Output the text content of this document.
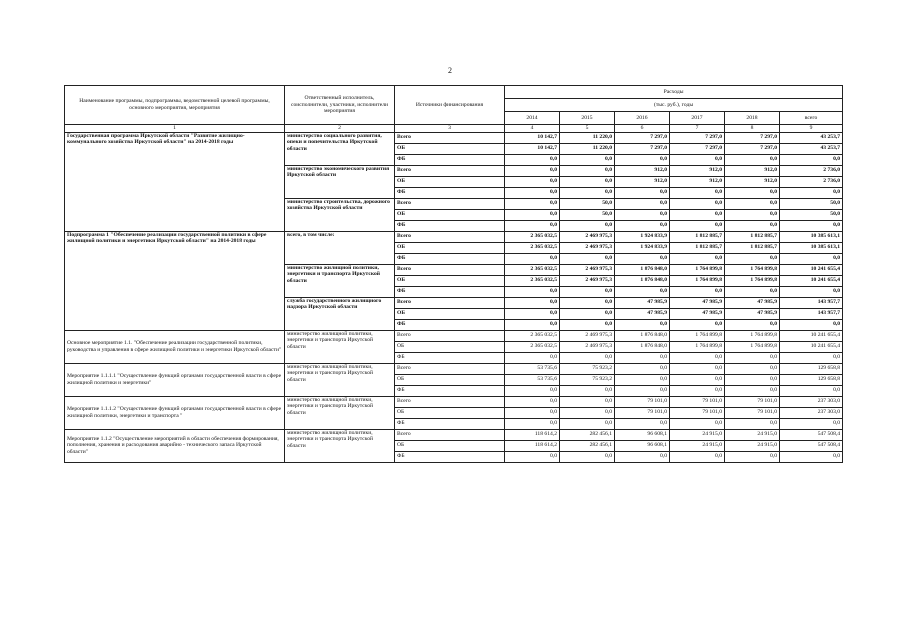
2
Наименование программы, подпрограммы, ведомственной целевой программы, основного мероприятия, мероприятия	Ответственный исполнитель, соисполнители, участники, исполнители мероприятия	Источники финансирования	Расходы					
			(тыс. руб.), годы					
			2014	2015	2016	2017	2018	всего
1	2	3	4	5	6	7	8	9
Государственная программа Иркутской области "Развитие жилищно-коммунального хозяйства Иркутской области" на 2014-2018 годы	министерство социального развития, опеки и попечительства Иркутской области	Всего	10 142,7	11 220,0	7 297,0	7 297,0	7 297,0	43 253,7
		ОБ	10 142,7	11 220,0	7 297,0	7 297,0	7 297,0	43 253,7
		ФБ	0,0	0,0	0,0	0,0	0,0	0,0
	министерство экономического развития Иркутской области	Всего	0,0	0,0	912,0	912,0	912,0	2 736,0
		ОБ	0,0	0,0	912,0	912,0	912,0	2 736,0
		ФБ	0,0	0,0	0,0	0,0	0,0	0,0
	министерство строительства, дорожного хозяйства Иркутской области	Всего	0,0	50,0	0,0	0,0	0,0	50,0
		ОБ	0,0	50,0	0,0	0,0	0,0	50,0
		ФБ	0,0	0,0	0,0	0,0	0,0	0,0
Подпрограмма 1 "Обеспечение реализации государственной политики в сфере жилищной политики и энергетики Иркутской области" на 2014-2018 годы	всего, в том числе:	Всего	2 365 032,5	2 469 975,3	1 924 833,9	1 812 885,7	1 812 885,7	10 385 613,1
		ОБ	2 365 032,5	2 469 975,3	1 924 833,9	1 812 885,7	1 812 885,7	10 385 613,1
		ФБ	0,0	0,0	0,0	0,0	0,0	0,0
	министерство жилищной политики, энергетики и транспорта Иркутской области	Всего	2 365 032,5	2 469 975,3	1 876 848,0	1 764 899,8	1 764 899,8	10 241 655,4
		ОБ	2 365 032,5	2 469 975,3	1 876 848,0	1 764 899,8	1 764 899,8	10 241 655,4
		ФБ	0,0	0,0	0,0	0,0	0,0	0,0
	служба государственного жилищного надзора Иркутской области	Всего	0,0	0,0	47 985,9	47 985,9	47 985,9	143 957,7
		ОБ	0,0	0,0	47 985,9	47 985,9	47 985,9	143 957,7
		ФБ	0,0	0,0	0,0	0,0	0,0	0,0
Основное мероприятие 1.1. "Обеспечение реализации государственной политики, руководства и управления в сфере жилищной политики и энергетики Иркутской области"	министерство жилищной политики, энергетики и транспорта Иркутской области	Всего	2 365 032,5	2 469 975,3	1 876 848,0	1 764 899,8	1 764 899,8	10 241 655,4
		ОБ	2 365 032,5	2 469 975,3	1 876 848,0	1 764 899,8	1 764 899,8	10 241 655,4
		ФБ	0,0	0,0	0,0	0,0	0,0	0,0
Мероприятие 1.1.1.1 "Осуществление функций органами государственной власти в сфере жилищной политики и энергетики"	министерство жилищной политики, энергетики и транспорта Иркутской области	Всего	53 735,6	75 923,2	0,0	0,0	0,0	129 658,8
		ОБ	53 735,6	75 923,2	0,0	0,0	0,0	129 658,8
		ФБ	0,0	0,0	0,0	0,0	0,0	0,0
Мероприятие 1.1.1.2 "Осуществление функций органами государственной власти в сфере жилищной политики, энергетики и транспорта "	министерство жилищной политики, энергетики и транспорта Иркутской области	Всего	0,0	0,0	79 101,0	79 101,0	79 101,0	237 303,0
		ОБ	0,0	0,0	79 101,0	79 101,0	79 101,0	237 303,0
		ФБ	0,0	0,0	0,0	0,0	0,0	0,0
Мероприятие 1.1.2 "Осуществление мероприятий в области обеспечения формирования, пополнения, хранения и расходования аварийно - технического запаса Иркутской области"	министерство жилищной политики, энергетики и транспорта Иркутской области	Всего	118 614,2	282 456,1	96 608,1	24 915,0	24 915,0	547 508,4
		ОБ	118 614,2	282 456,1	96 608,1	24 915,0	24 915,0	547 508,4
		ФБ	0,0	0,0	0,0	0,0	0,0	0,0
